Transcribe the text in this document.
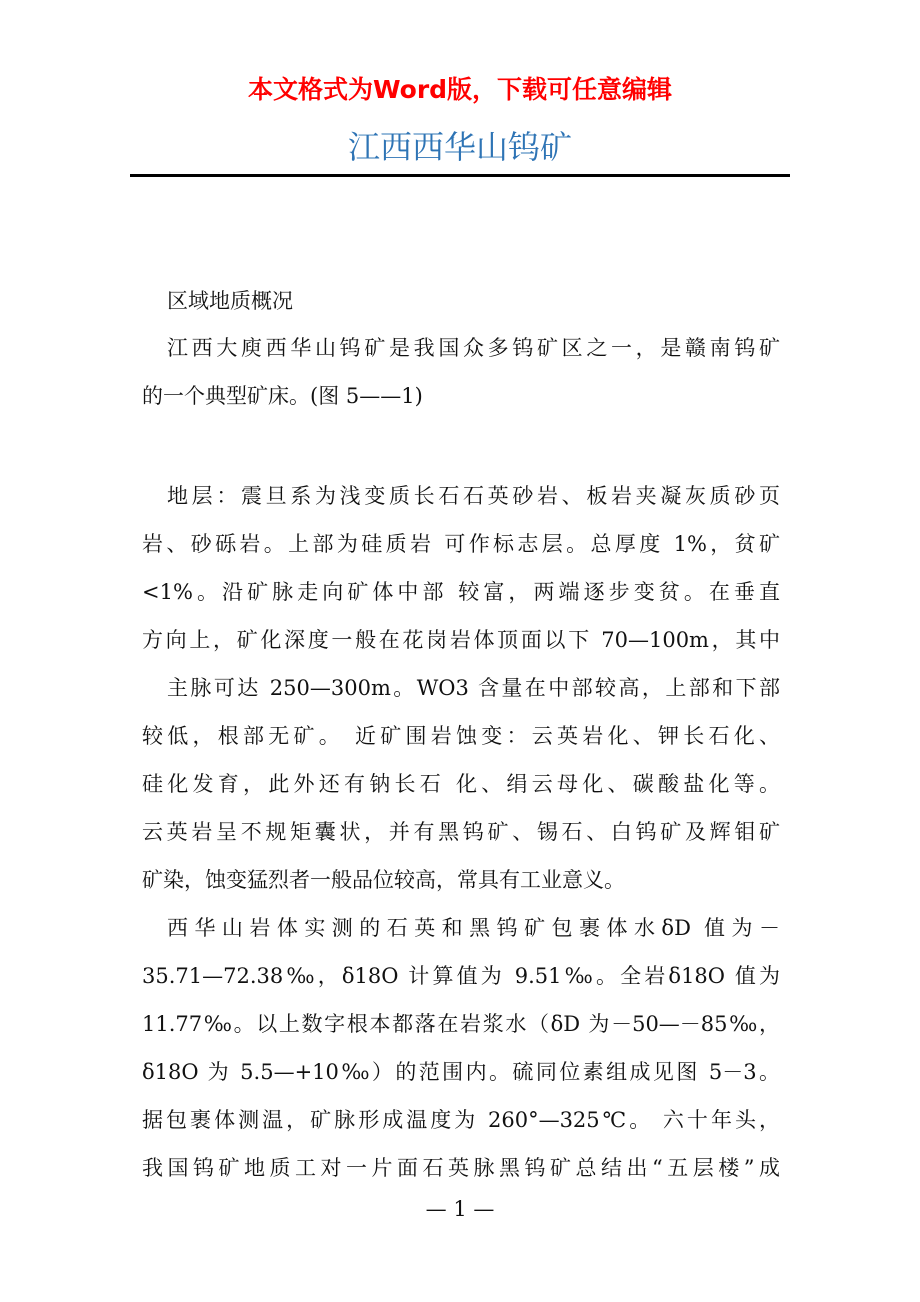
本文格式为Word版，下载可任意编辑
江西西华山钨矿
区域地质概况
江西大庾西华山钨矿是我国众多钨矿区之一，是赣南钨矿
的一个典型矿床。(图 5——1)
地层：震旦系为浅变质长石石英砂岩、板岩夹凝灰质砂页
岩、砂砾岩。上部为硅质岩 可作标志层。总厚度 1%，贫矿
<1%。沿矿脉走向矿体中部 较富，两端逐步变贫。在垂直
方向上，矿化深度一般在花岗岩体顶面以下 70—100m，其中
主脉可达 250—300m。WO3 含量在中部较高，上部和下部
较低，根部无矿。 近矿围岩蚀变：云英岩化、钾长石化、
硅化发育，此外还有钠长石 化、绢云母化、碳酸盐化等。
云英岩呈不规矩囊状，并有黑钨矿、锡石、白钨矿及辉钼矿
矿染，蚀变猛烈者一般品位较高，常具有工业意义。
西华山岩体实测的石英和黑钨矿包裹体水δD 值为－
35.71—72.38‰，δ18O 计算值为 9.51‰。全岩δ18O 值为
11.77‰。以上数字根本都落在岩浆水（δD 为－50—－85‰，
δ18O 为 5.5—+10‰）的范围内。硫同位素组成见图 5－3。
据包裹体测温，矿脉形成温度为 260°—325℃。 六十年头，
我国钨矿地质工对一片面石英脉黑钨矿总结出“五层楼”成
— 1 —
